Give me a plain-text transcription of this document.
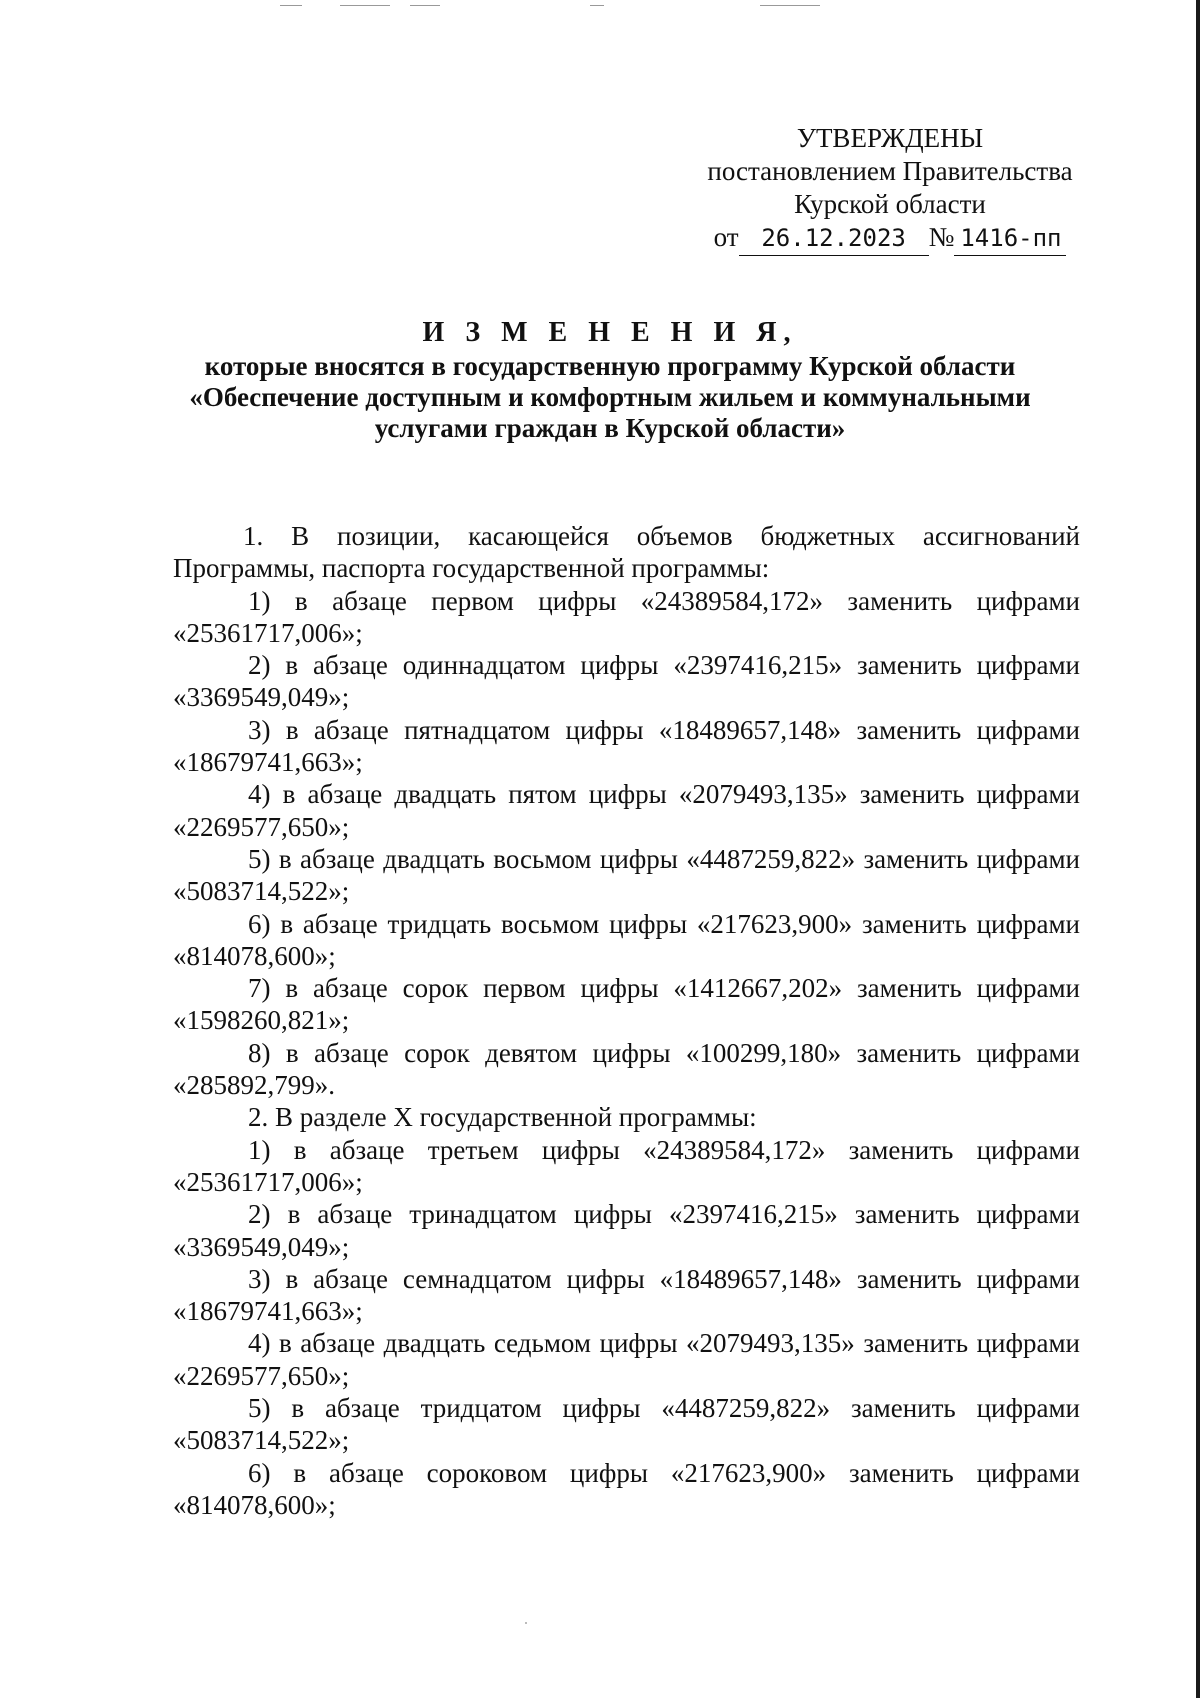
УТВЕРЖДЕНЫ
постановлением Правительства
Курской области
от 26.12.2023 № 1416-пп
И З М Е Н Е Н И Я,
которые вносятся в государственную программу Курской области
«Обеспечение доступным и комфортным жильем и коммунальными
услугами граждан в Курской области»

1. В позиции, касающейся объемов бюджетных ассигнований Программы, паспорта государственной программы:

1) в абзаце первом цифры «24389584,172» заменить цифрами «25361717,006»;

2) в абзаце одиннадцатом цифры «2397416,215» заменить цифрами «3369549,049»;

3) в абзаце пятнадцатом цифры «18489657,148» заменить цифрами «18679741,663»;

4) в абзаце двадцать пятом цифры «2079493,135» заменить цифрами «2269577,650»;

5) в абзаце двадцать восьмом цифры «4487259,822» заменить цифрами «5083714,522»;

6) в абзаце тридцать восьмом цифры «217623,900» заменить цифрами «814078,600»;

7) в абзаце сорок первом цифры «1412667,202» заменить цифрами «1598260,821»;

8) в абзаце сорок девятом цифры «100299,180» заменить цифрами «285892,799».

2. В разделе Х государственной программы:

1) в абзаце третьем цифры «24389584,172» заменить цифрами «25361717,006»;

2) в абзаце тринадцатом цифры «2397416,215» заменить цифрами «3369549,049»;

3) в абзаце семнадцатом цифры «18489657,148» заменить цифрами «18679741,663»;

4) в абзаце двадцать седьмом цифры «2079493,135» заменить цифрами «2269577,650»;

5) в абзаце тридцатом цифры «4487259,822» заменить цифрами «5083714,522»;

6) в абзаце сороковом цифры «217623,900» заменить цифрами «814078,600»;
